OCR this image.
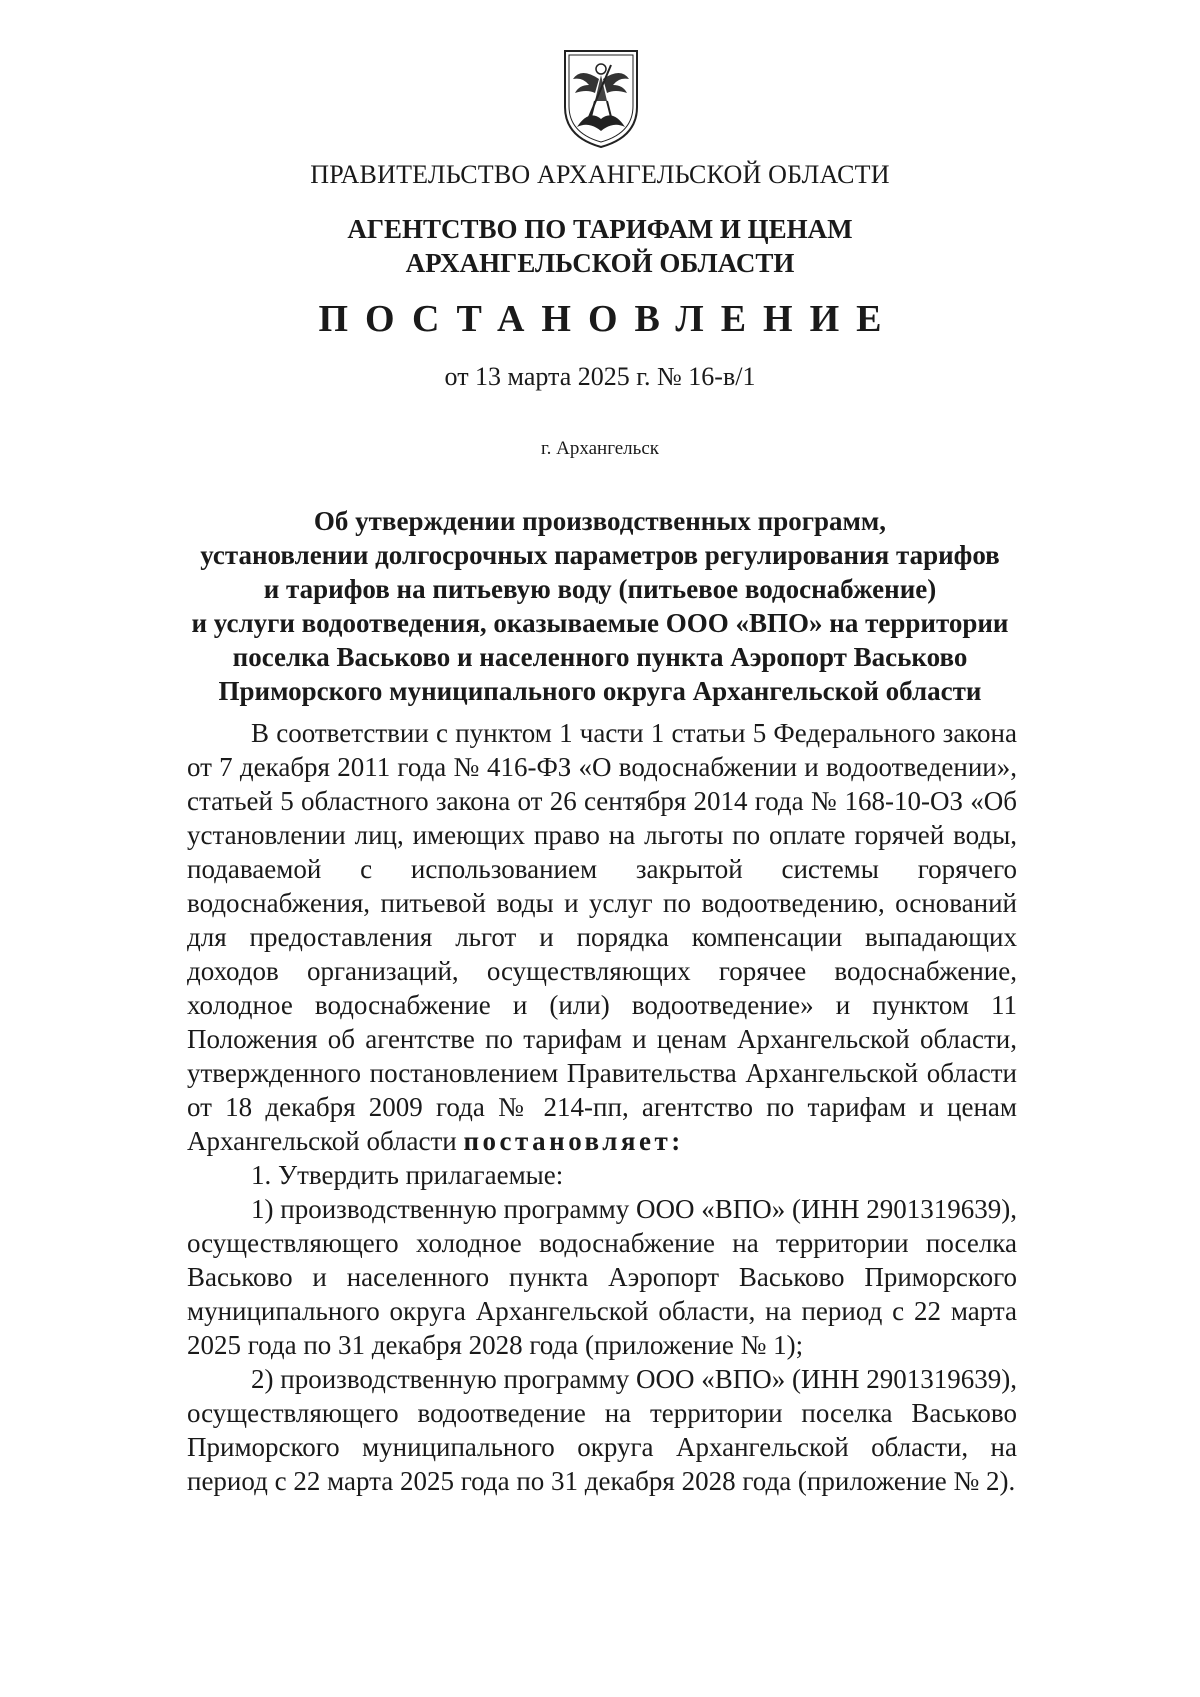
ПРАВИТЕЛЬСТВО АРХАНГЕЛЬСКОЙ ОБЛАСТИ
АГЕНТСТВО ПО ТАРИФАМ И ЦЕНАМ
АРХАНГЕЛЬСКОЙ ОБЛАСТИ
ПОСТАНОВЛЕНИЕ
от 13 марта 2025 г. № 16-в/1
г. Архангельск
Об утверждении производственных программ,
установлении долгосрочных параметров регулирования тарифов
и тарифов на питьевую воду (питьевое водоснабжение)
и услуги водоотведения, оказываемые ООО «ВПО» на территории
поселка Васьково и населенного пункта Аэропорт Васьково
Приморского муниципального округа Архангельской области

В соответствии с пунктом 1 части 1 статьи 5 Федерального закона от 7 декабря 2011 года № 416-ФЗ «О водоснабжении и водоотведении», статьей 5 областного закона от 26 сентября 2014 года № 168-10-ОЗ «Об установлении лиц, имеющих право на льготы по оплате горячей воды, подаваемой с использованием закрытой системы горячего водоснабжения, питьевой воды и услуг по водоотведению, оснований для предоставления льгот и порядка компенсации выпадающих доходов организаций, осуществляющих горячее водоснабжение, холодное водоснабжение и (или) водоотведение» и пунктом 11 Положения об агентстве по тарифам и ценам Архангельской области, утвержденного постановлением Правительства Архангельской области от 18 декабря 2009 года № 214-пп, агентство по тарифам и ценам Архангельской области постановляет:

1. Утвердить прилагаемые:

1) производственную программу ООО «ВПО» (ИНН 2901319639), осуществляющего холодное водоснабжение на территории поселка Васьково и населенного пункта Аэропорт Васьково Приморского муниципального округа Архангельской области, на период с 22 марта 2025 года по 31 декабря 2028 года (приложение № 1);

2) производственную программу ООО «ВПО» (ИНН 2901319639), осуществляющего водоотведение на территории поселка Васьково Приморского муниципального округа Архангельской области, на период с 22 марта 2025 года по 31 декабря 2028 года (приложение № 2).
